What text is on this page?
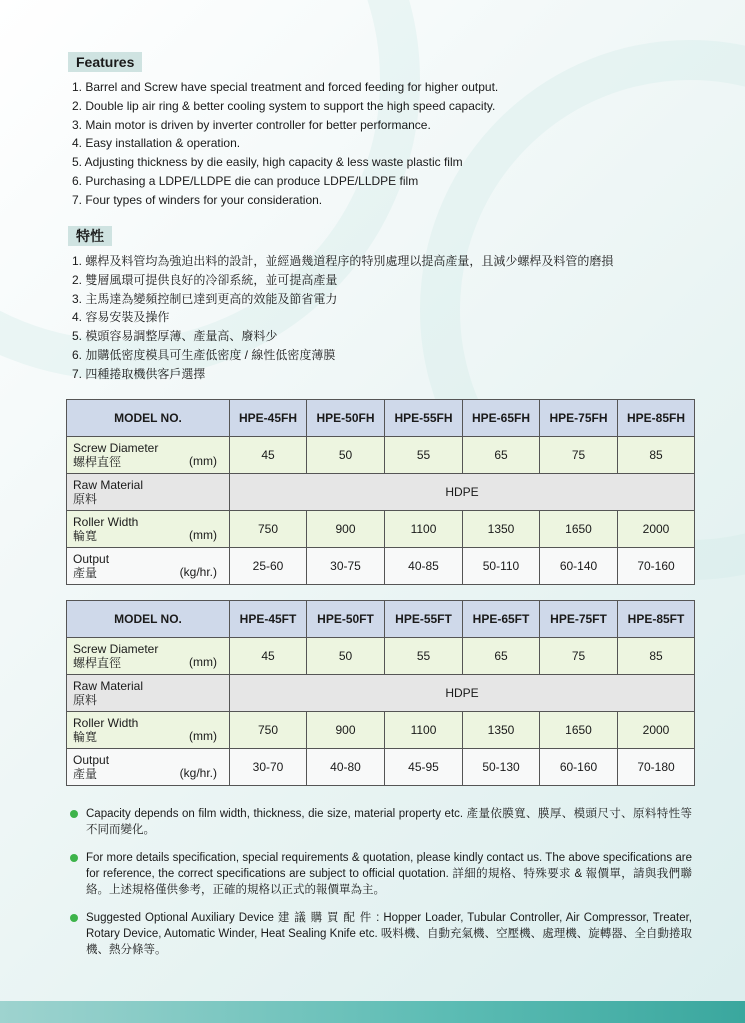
Features
1. Barrel and Screw have special treatment and forced feeding for higher output.
2. Double lip air ring & better cooling system to support the high speed capacity.
3. Main motor is driven by inverter controller for better performance.
4. Easy installation & operation.
5. Adjusting thickness by die easily, high capacity & less waste plastic film
6. Purchasing a LDPE/LLDPE die can produce LDPE/LLDPE film
7. Four types of winders for your consideration.
特性
1. 螺桿及料管均為強迫出料的設計，並經過幾道程序的特別處理以提高產量，且減少螺桿及料管的磨損
2. 雙層風環可提供良好的冷卻系統，並可提高產量
3. 主馬達為變頻控制已達到更高的效能及節省電力
4. 容易安裝及操作
5. 模頭容易調整厚薄、產量高、廢料少
6. 加購低密度模具可生產低密度 / 線性低密度薄膜
7. 四種捲取機供客戶選擇
MODEL NO.	HPE-45FH	HPE-50FH	HPE-55FH	HPE-65FH	HPE-75FH	HPE-85FH

Screw Diameter
螺桿直徑 (mm)	45	50	55	65	75	85

Raw Material
原料	HDPE					

Roller Width
輪寬 (mm)	750	900	1100	1350	1650	2000

Output
產量 (kg/hr.)	25-60	30-75	40-85	50-110	60-140	70-160
MODEL NO.	HPE-45FT	HPE-50FT	HPE-55FT	HPE-65FT	HPE-75FT	HPE-85FT

Screw Diameter
螺桿直徑 (mm)	45	50	55	65	75	85

Raw Material
原料	HDPE					

Roller Width
輪寬 (mm)	750	900	1100	1350	1650	2000

Output
產量 (kg/hr.)	30-70	40-80	45-95	50-130	60-160	70-180
Capacity depends on film width, thickness, die size, material property etc. 產量依膜寬、膜厚、模頭尺寸、原料特性等不同而變化。
For more details specification, special requirements & quotation, please kindly contact us. The above specifications are for reference, the correct specifications are subject to official quotation. 詳細的規格、特殊要求 & 報價單，請與我們聯絡。上述規格僅供參考，正確的規格以正式的報價單為主。
Suggested Optional Auxiliary Device 建 議 購 買 配 件 : Hopper Loader, Tubular Controller, Air Compressor, Treater, Rotary Device, Automatic Winder, Heat Sealing Knife etc. 吸料機、自動充氣機、空壓機、處理機、旋轉器、全自動捲取機、熱分條等。
